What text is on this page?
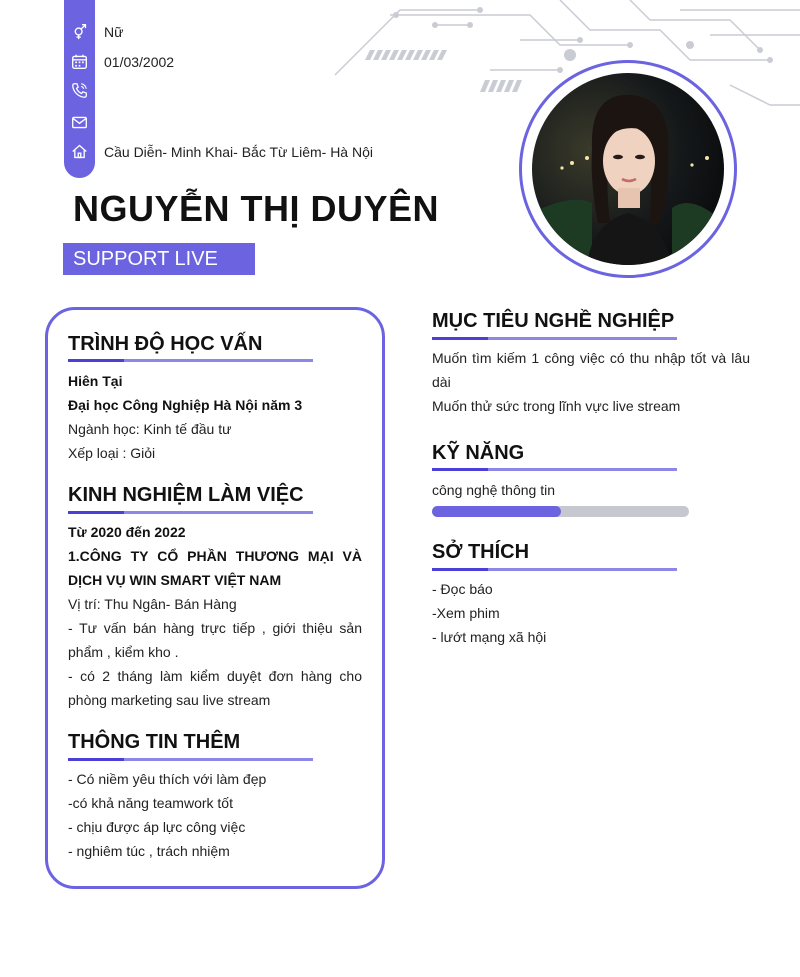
Nữ
01/03/2002
Cầu Diễn- Minh Khai- Bắc Từ Liêm- Hà Nội
NGUYỄN THỊ DUYÊN
SUPPORT LIVE
TRÌNH ĐỘ HỌC VẤN
Hiên Tại
Đại học Công Nghiệp Hà Nội năm 3
Ngành học: Kinh tế đầu tư
Xếp loại : Giỏi
KINH NGHIỆM LÀM VIỆC
Từ 2020 đến 2022
1.CÔNG TY CỔ PHẦN THƯƠNG MẠI VÀ DỊCH VỤ WIN SMART VIỆT NAM
Vị trí: Thu Ngân- Bán Hàng
- Tư vấn bán hàng trực tiếp , giới thiệu sản phẩm , kiểm kho .
- có 2 tháng làm kiểm duyệt đơn hàng cho phòng marketing sau live stream
THÔNG TIN THÊM
- Có niềm yêu thích với làm đẹp
-có khả năng teamwork tốt
- chịu được áp lực công việc
- nghiêm túc , trách nhiệm
MỤC TIÊU NGHỀ NGHIỆP
Muốn tìm kiếm 1 công việc có thu nhập tốt và lâu dài
Muốn thử sức trong lĩnh vực live stream
KỸ NĂNG
công nghệ thông tin
SỞ THÍCH
- Đọc báo
-Xem phim
- lướt mạng xã hội
